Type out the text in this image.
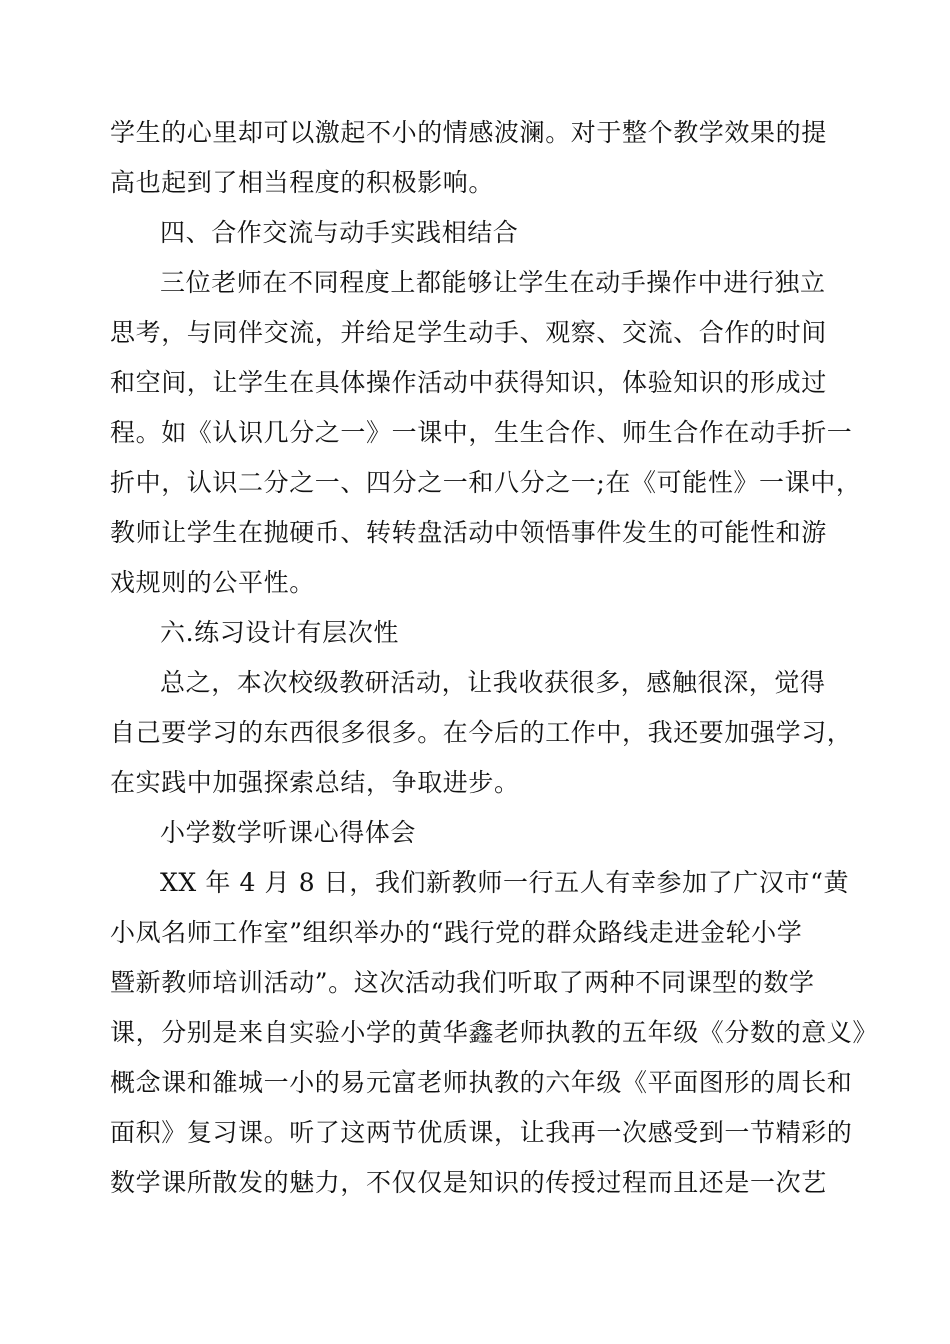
学生的心里却可以激起不小的情感波澜。对于整个教学效果的提
高也起到了相当程度的积极影响。
四、合作交流与动手实践相结合
三位老师在不同程度上都能够让学生在动手操作中进行独立
思考，与同伴交流，并给足学生动手、观察、交流、合作的时间
和空间，让学生在具体操作活动中获得知识，体验知识的形成过
程。如《认识几分之一》一课中，生生合作、师生合作在动手折一
折中，认识二分之一、四分之一和八分之一;在《可能性》一课中，
教师让学生在抛硬币、转转盘活动中领悟事件发生的可能性和游
戏规则的公平性。
六.练习设计有层次性
总之，本次校级教研活动，让我收获很多，感触很深，觉得
自己要学习的东西很多很多。在今后的工作中，我还要加强学习，
在实践中加强探索总结，争取进步。
小学数学听课心得体会
XX 年 4 月 8 日，我们新教师一行五人有幸参加了广汉市“黄
小凤名师工作室”组织举办的“践行党的群众路线走进金轮小学
暨新教师培训活动”。这次活动我们听取了两种不同课型的数学
课，分别是来自实验小学的黄华鑫老师执教的五年级《分数的意义》
概念课和雒城一小的易元富老师执教的六年级《平面图形的周长和
面积》复习课。听了这两节优质课，让我再一次感受到一节精彩的
数学课所散发的魅力，不仅仅是知识的传授过程而且还是一次艺
